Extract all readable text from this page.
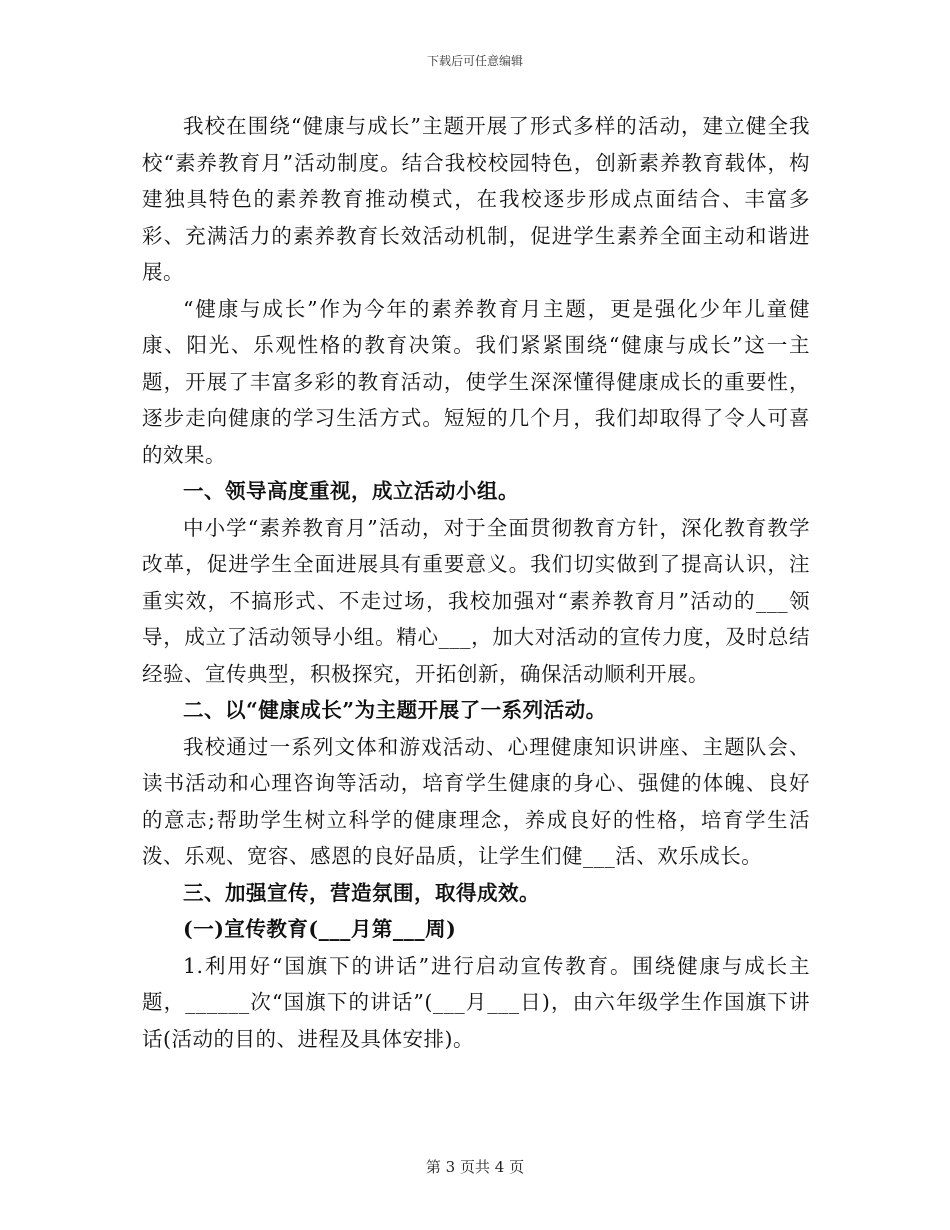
下载后可任意编辑

我校在围绕“健康与成长”主题开展了形式多样的活动，建立健全我校“素养教育月”活动制度。结合我校校园特色，创新素养教育载体，构建独具特色的素养教育推动模式，在我校逐步形成点面结合、丰富多彩、充满活力的素养教育长效活动机制，促进学生素养全面主动和谐进展。

“健康与成长”作为今年的素养教育月主题，更是强化少年儿童健康、阳光、乐观性格的教育决策。我们紧紧围绕“健康与成长”这一主题，开展了丰富多彩的教育活动，使学生深深懂得健康成长的重要性，逐步走向健康的学习生活方式。短短的几个月，我们却取得了令人可喜的效果。

一、领导高度重视，成立活动小组。

中小学“素养教育月”活动，对于全面贯彻教育方针，深化教育教学改革，促进学生全面进展具有重要意义。我们切实做到了提高认识，注重实效，不搞形式、不走过场，我校加强对“素养教育月”活动的___领导，成立了活动领导小组。精心___，加大对活动的宣传力度，及时总结经验、宣传典型，积极探究，开拓创新，确保活动顺利开展。

二、以“健康成长”为主题开展了一系列活动。

我校通过一系列文体和游戏活动、心理健康知识讲座、主题队会、读书活动和心理咨询等活动，培育学生健康的身心、强健的体魄、良好的意志;帮助学生树立科学的健康理念，养成良好的性格，培育学生活泼、乐观、宽容、感恩的良好品质，让学生们健___活、欢乐成长。

三、加强宣传，营造氛围，取得成效。

(一)宣传教育(___月第___周)

1.利用好“国旗下的讲话”进行启动宣传教育。围绕健康与成长主题，______次“国旗下的讲话”(___月___日)，由六年级学生作国旗下讲话(活动的目的、进程及具体安排)。

第 3 页共 4 页
